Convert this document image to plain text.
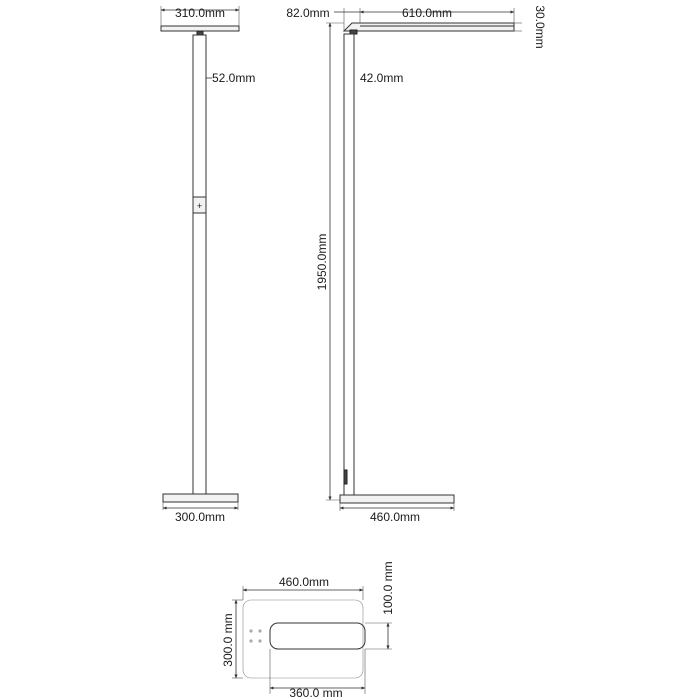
310.0mm
+
52.0mm
300.0mm
610.0mm
82.0mm	30.0mm
42.0mm
1950.0mm
460.0mm
460.0mm
300.0 mm
100.0 mm
360.0 mm
